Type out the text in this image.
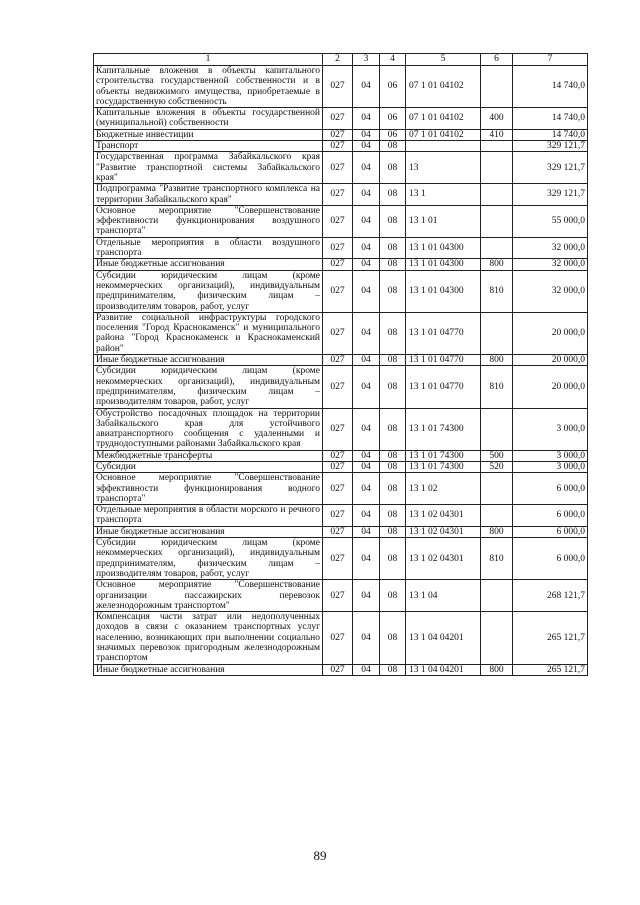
1	2	3	4	5	6	7
Капитальные вложения в объекты капитального строительства государственной собственности и в объекты недвижимого имущества, приобретаемые в государственную собственность	027	04	06	07 1 01 04102		14 740,0
Капитальные вложения в объекты государственной (муниципальной) собственности	027	04	06	07 1 01 04102	400	14 740,0
Бюджетные инвестиции	027	04	06	07 1 01 04102	410	14 740,0
Транспорт	027	04	08			329 121,7
Государственная программа Забайкальского края "Развитие транспортной системы Забайкальского края"	027	04	08	13		329 121,7
Подпрограмма "Развитие транспортного комплекса на территории Забайкальского края"	027	04	08	13 1		329 121,7
Основное мероприятие "Совершенствование эффективности функционирования воздушного транспорта"	027	04	08	13 1 01		55 000,0
Отдельные мероприятия в области воздушного транспорта	027	04	08	13 1 01 04300		32 000,0
Иные бюджетные ассигнования	027	04	08	13 1 01 04300	800	32 000,0
Субсидии юридическим лицам (кроме некоммерческих организаций), индивидуальным предпринимателям, физическим лицам – производителям товаров, работ, услуг	027	04	08	13 1 01 04300	810	32 000,0
Развитие социальной инфраструктуры городского поселения "Город Краснокаменск" и муниципального района "Город Краснокаменск и Краснокаменский район"	027	04	08	13 1 01 04770		20 000,0
Иные бюджетные ассигнования	027	04	08	13 1 01 04770	800	20 000,0
Субсидии юридическим лицам (кроме некоммерческих организаций), индивидуальным предпринимателям, физическим лицам – производителям товаров, работ, услуг	027	04	08	13 1 01 04770	810	20 000,0
Обустройство посадочных площадок на территории Забайкальского края для устойчивого авиатранспортного сообщения с удаленными и труднодоступными районами Забайкальского края	027	04	08	13 1 01 74300		3 000,0
Межбюджетные трансферты	027	04	08	13 1 01 74300	500	3 000,0
Субсидии	027	04	08	13 1 01 74300	520	3 000,0
Основное мероприятие "Совершенствование эффективности функционирования водного транспорта"	027	04	08	13 1 02		6 000,0
Отдельные мероприятия в области морского и речного транспорта	027	04	08	13 1 02 04301		6 000,0
Иные бюджетные ассигнования	027	04	08	13 1 02 04301	800	6 000,0
Субсидии юридическим лицам (кроме некоммерческих организаций), индивидуальным предпринимателям, физическим лицам – производителям товаров, работ, услуг	027	04	08	13 1 02 04301	810	6 000,0
Основное мероприятие "Совершенствование организации пассажирских перевозок железнодорожным транспортом"	027	04	08	13 1 04		268 121,7
Компенсация части затрат или недополученных доходов в связи с оказанием транспортных услуг населению, возникающих при выполнении социально значимых перевозок пригородным железнодорожным транспортом	027	04	08	13 1 04 04201		265 121,7
Иные бюджетные ассигнования	027	04	08	13 1 04 04201	800	265 121,7
89
